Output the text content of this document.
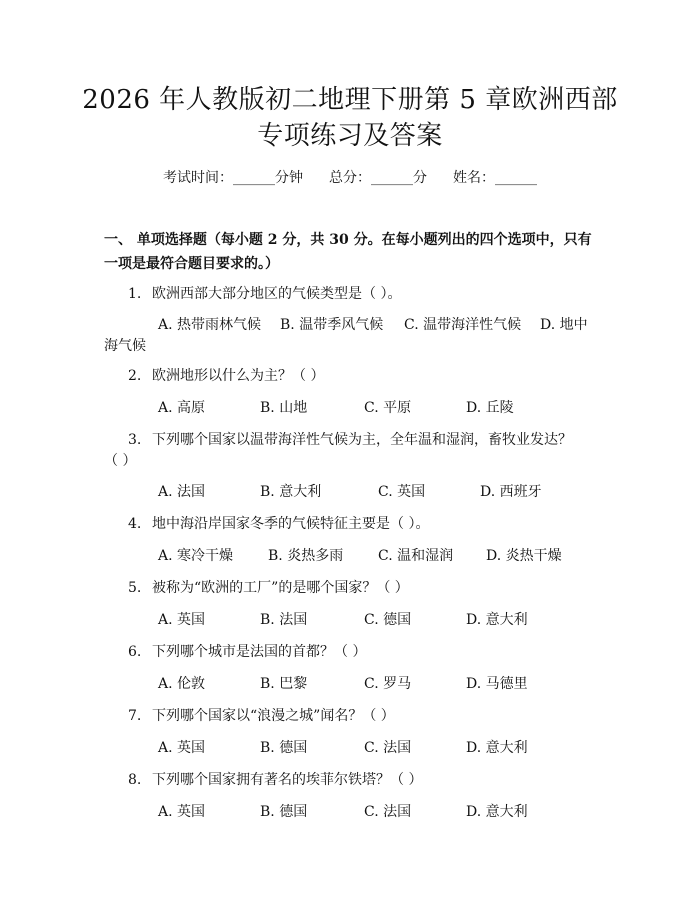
2026 年人教版初二地理下册第 5 章欧洲西部
专项练习及答案
考试时间：______分钟 总分：______分 姓名：______
一、 单项选择题（每小题 2 分，共 30 分。在每小题列出的四个选项中，只有一项是最符合题目要求的。）
1. 欧洲西部大部分地区的气候类型是（ ）。
A. 热带雨林气候 B. 温带季风气候 C. 温带海洋性气候 D. 地中
海气候
2. 欧洲地形以什么为主？（ ）
A. 高原	B. 山地	C. 平原	D. 丘陵
3. 下列哪个国家以温带海洋性气候为主，全年温和湿润，畜牧业发达？
（ ）
A. 法国	B. 意大利	C. 英国	D. 西班牙
4. 地中海沿岸国家冬季的气候特征主要是（ ）。
A. 寒冷干燥 B. 炎热多雨 C. 温和湿润 D. 炎热干燥
5. 被称为“欧洲的工厂”的是哪个国家？（ ）
A. 英国	B. 法国	C. 德国	D. 意大利
6. 下列哪个城市是法国的首都？（ ）
A. 伦敦	B. 巴黎	C. 罗马	D. 马德里
7. 下列哪个国家以“浪漫之城”闻名？（ ）
A. 英国	B. 德国	C. 法国	D. 意大利
8. 下列哪个国家拥有著名的埃菲尔铁塔？（ ）
A. 英国	B. 德国	C. 法国	D. 意大利
